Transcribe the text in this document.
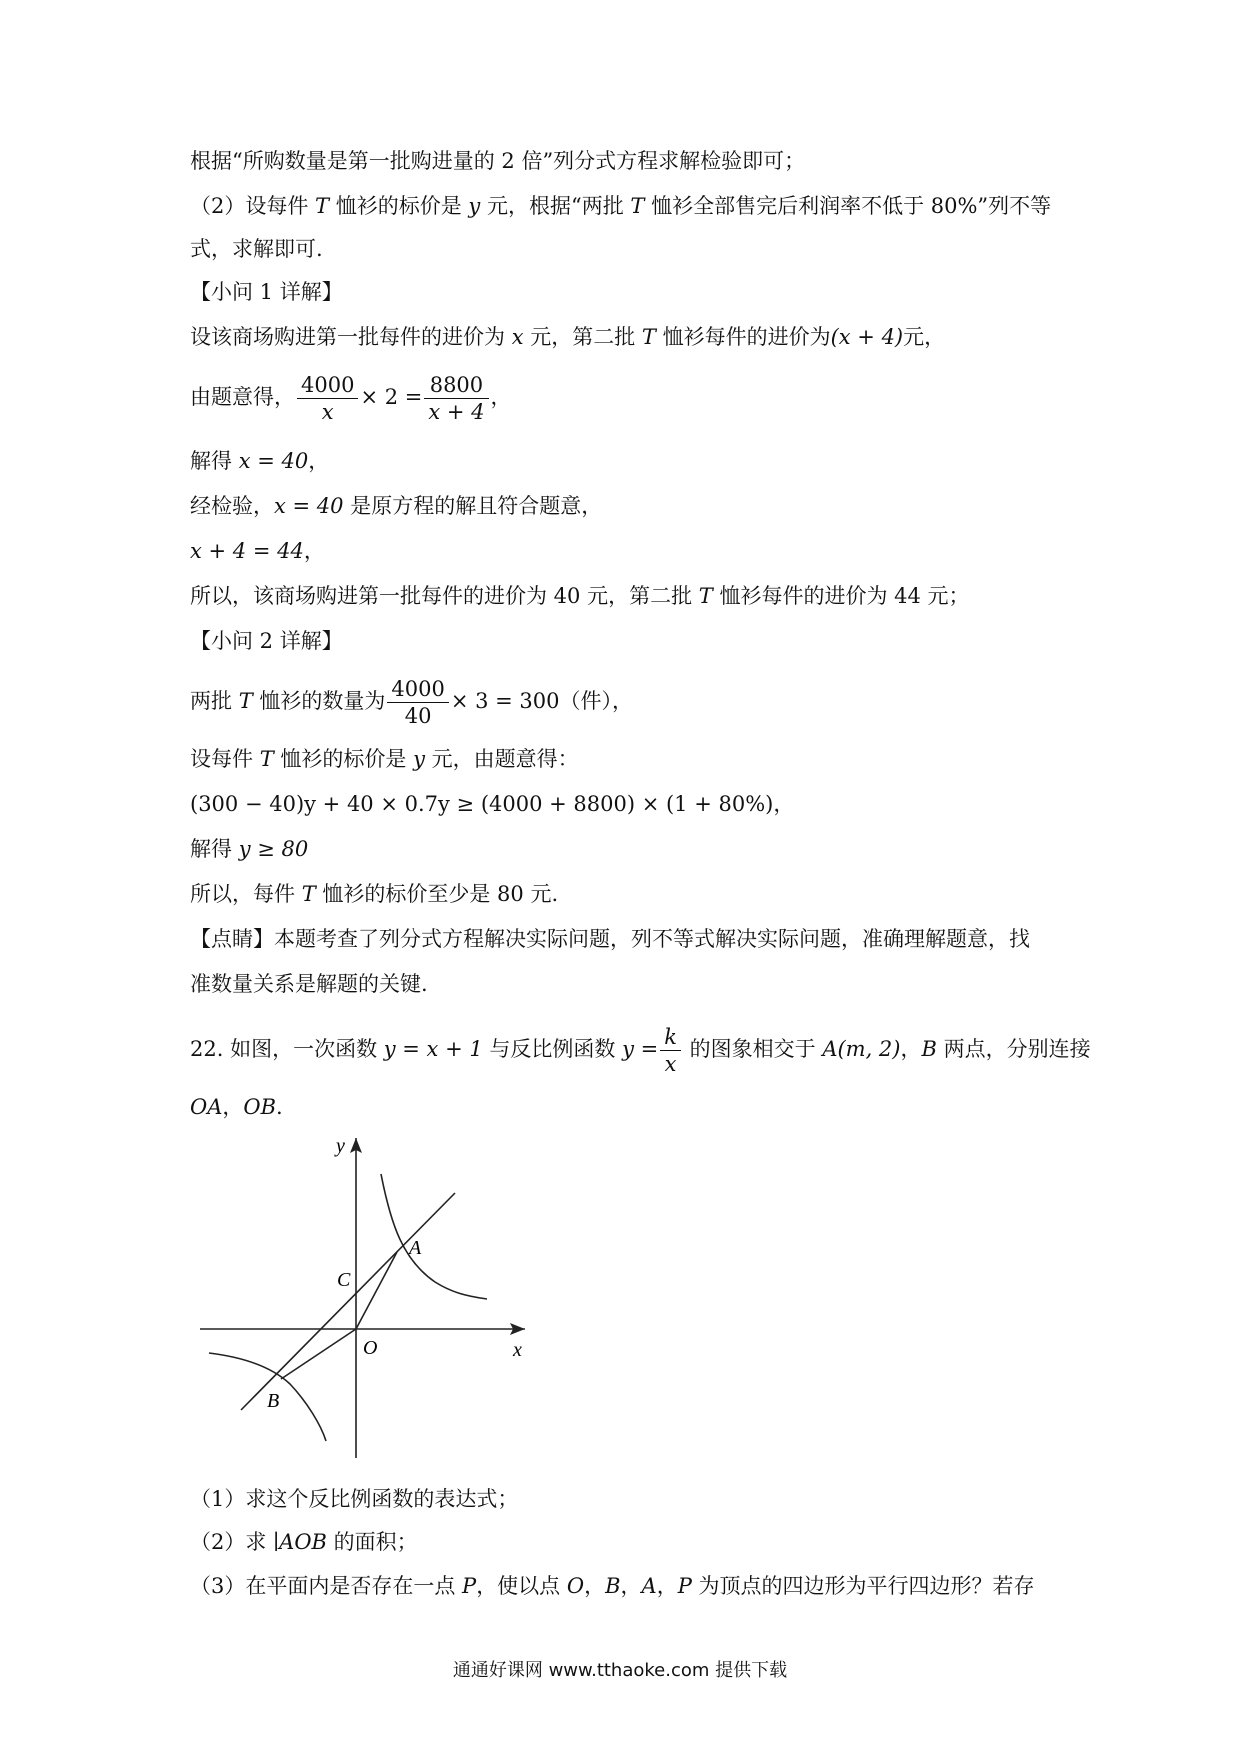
根据“所购数量是第一批购进量的 2 倍”列分式方程求解检验即可；
（2）设每件 T 恤衫的标价是 y 元，根据“两批 T 恤衫全部售完后利润率不低于 80%”列不等
式，求解即可.
【小问 1 详解】
设该商场购进第一批每件的进价为 x 元，第二批 T 恤衫每件的进价为(x + 4)元，
由题意得， $\frac{4000}{x} \times 2 = \frac{8800}{x + 4}$ ，
解得 x = 40，
经检验，x = 40 是原方程的解且符合题意，
x + 4 = 44，
所以，该商场购进第一批每件的进价为 40 元，第二批 T 恤衫每件的进价为 44 元；
【小问 2 详解】
两批 T 恤衫的数量为 $\frac{4000}{40} \times 3 = 300$（件），
设每件 T 恤衫的标价是 y 元，由题意得：
(300 − 40)y + 40 × 0.7y ≥ (4000 + 8800) × (1 + 80%)，
解得 y ≥ 80
所以，每件 T 恤衫的标价至少是 80 元.
【点睛】本题考查了列分式方程解决实际问题，列不等式解决实际问题，准确理解题意，找
准数量关系是解题的关键.
22. 如图，一次函数 y = x + 1 与反比例函数 $y = \frac{k}{x}$ 的图象相交于 A(m, 2)，B 两点，分别连接
OA，OB.
y
x
O
A
B
C
（1）求这个反比例函数的表达式；
（2）求 ∣AOB 的面积；
（3）在平面内是否存在一点 P，使以点 O，B，A，P 为顶点的四边形为平行四边形？若存
通通好课网 www.tthaoke.com 提供下载
